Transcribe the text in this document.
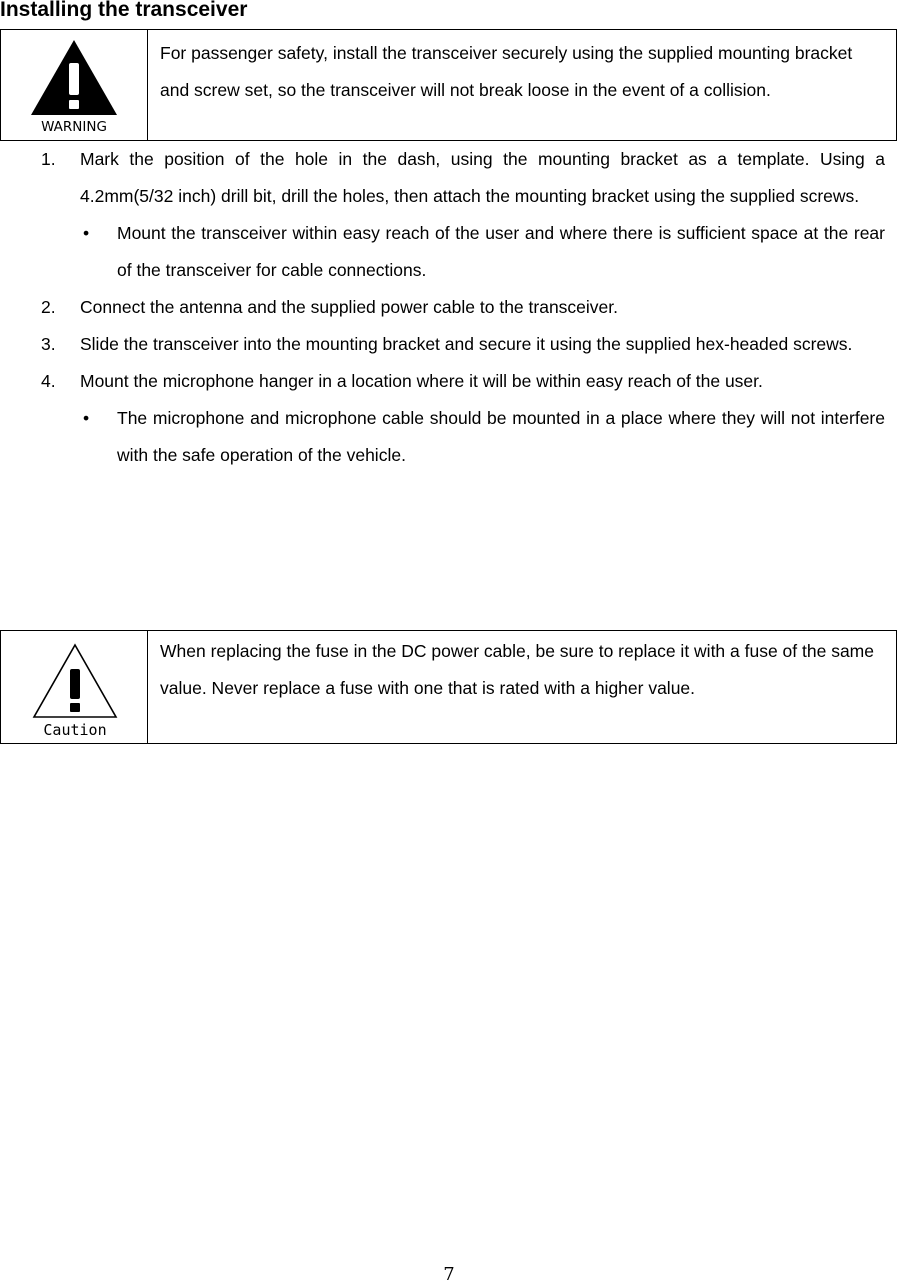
Installing the transceiver
WARNING
For passenger safety, install the transceiver securely using the supplied mounting bracket and screw set, so the transceiver will not break loose in the event of a collision.
1. Mark the position of the hole in the dash, using the mounting bracket as a template. Using a 4.2mm(5/32 inch) drill bit, drill the holes, then attach the mounting bracket using the supplied screws.
• Mount the transceiver within easy reach of the user and where there is sufficient space at the rear of the transceiver for cable connections.
2. Connect the antenna and the supplied power cable to the transceiver.
3. Slide the transceiver into the mounting bracket and secure it using the supplied hex-headed screws.
4. Mount the microphone hanger in a location where it will be within easy reach of the user.
• The microphone and microphone cable should be mounted in a place where they will not interfere with the safe operation of the vehicle.
Caution
When replacing the fuse in the DC power cable, be sure to replace it with a fuse of the same value. Never replace a fuse with one that is rated with a higher value.
7
